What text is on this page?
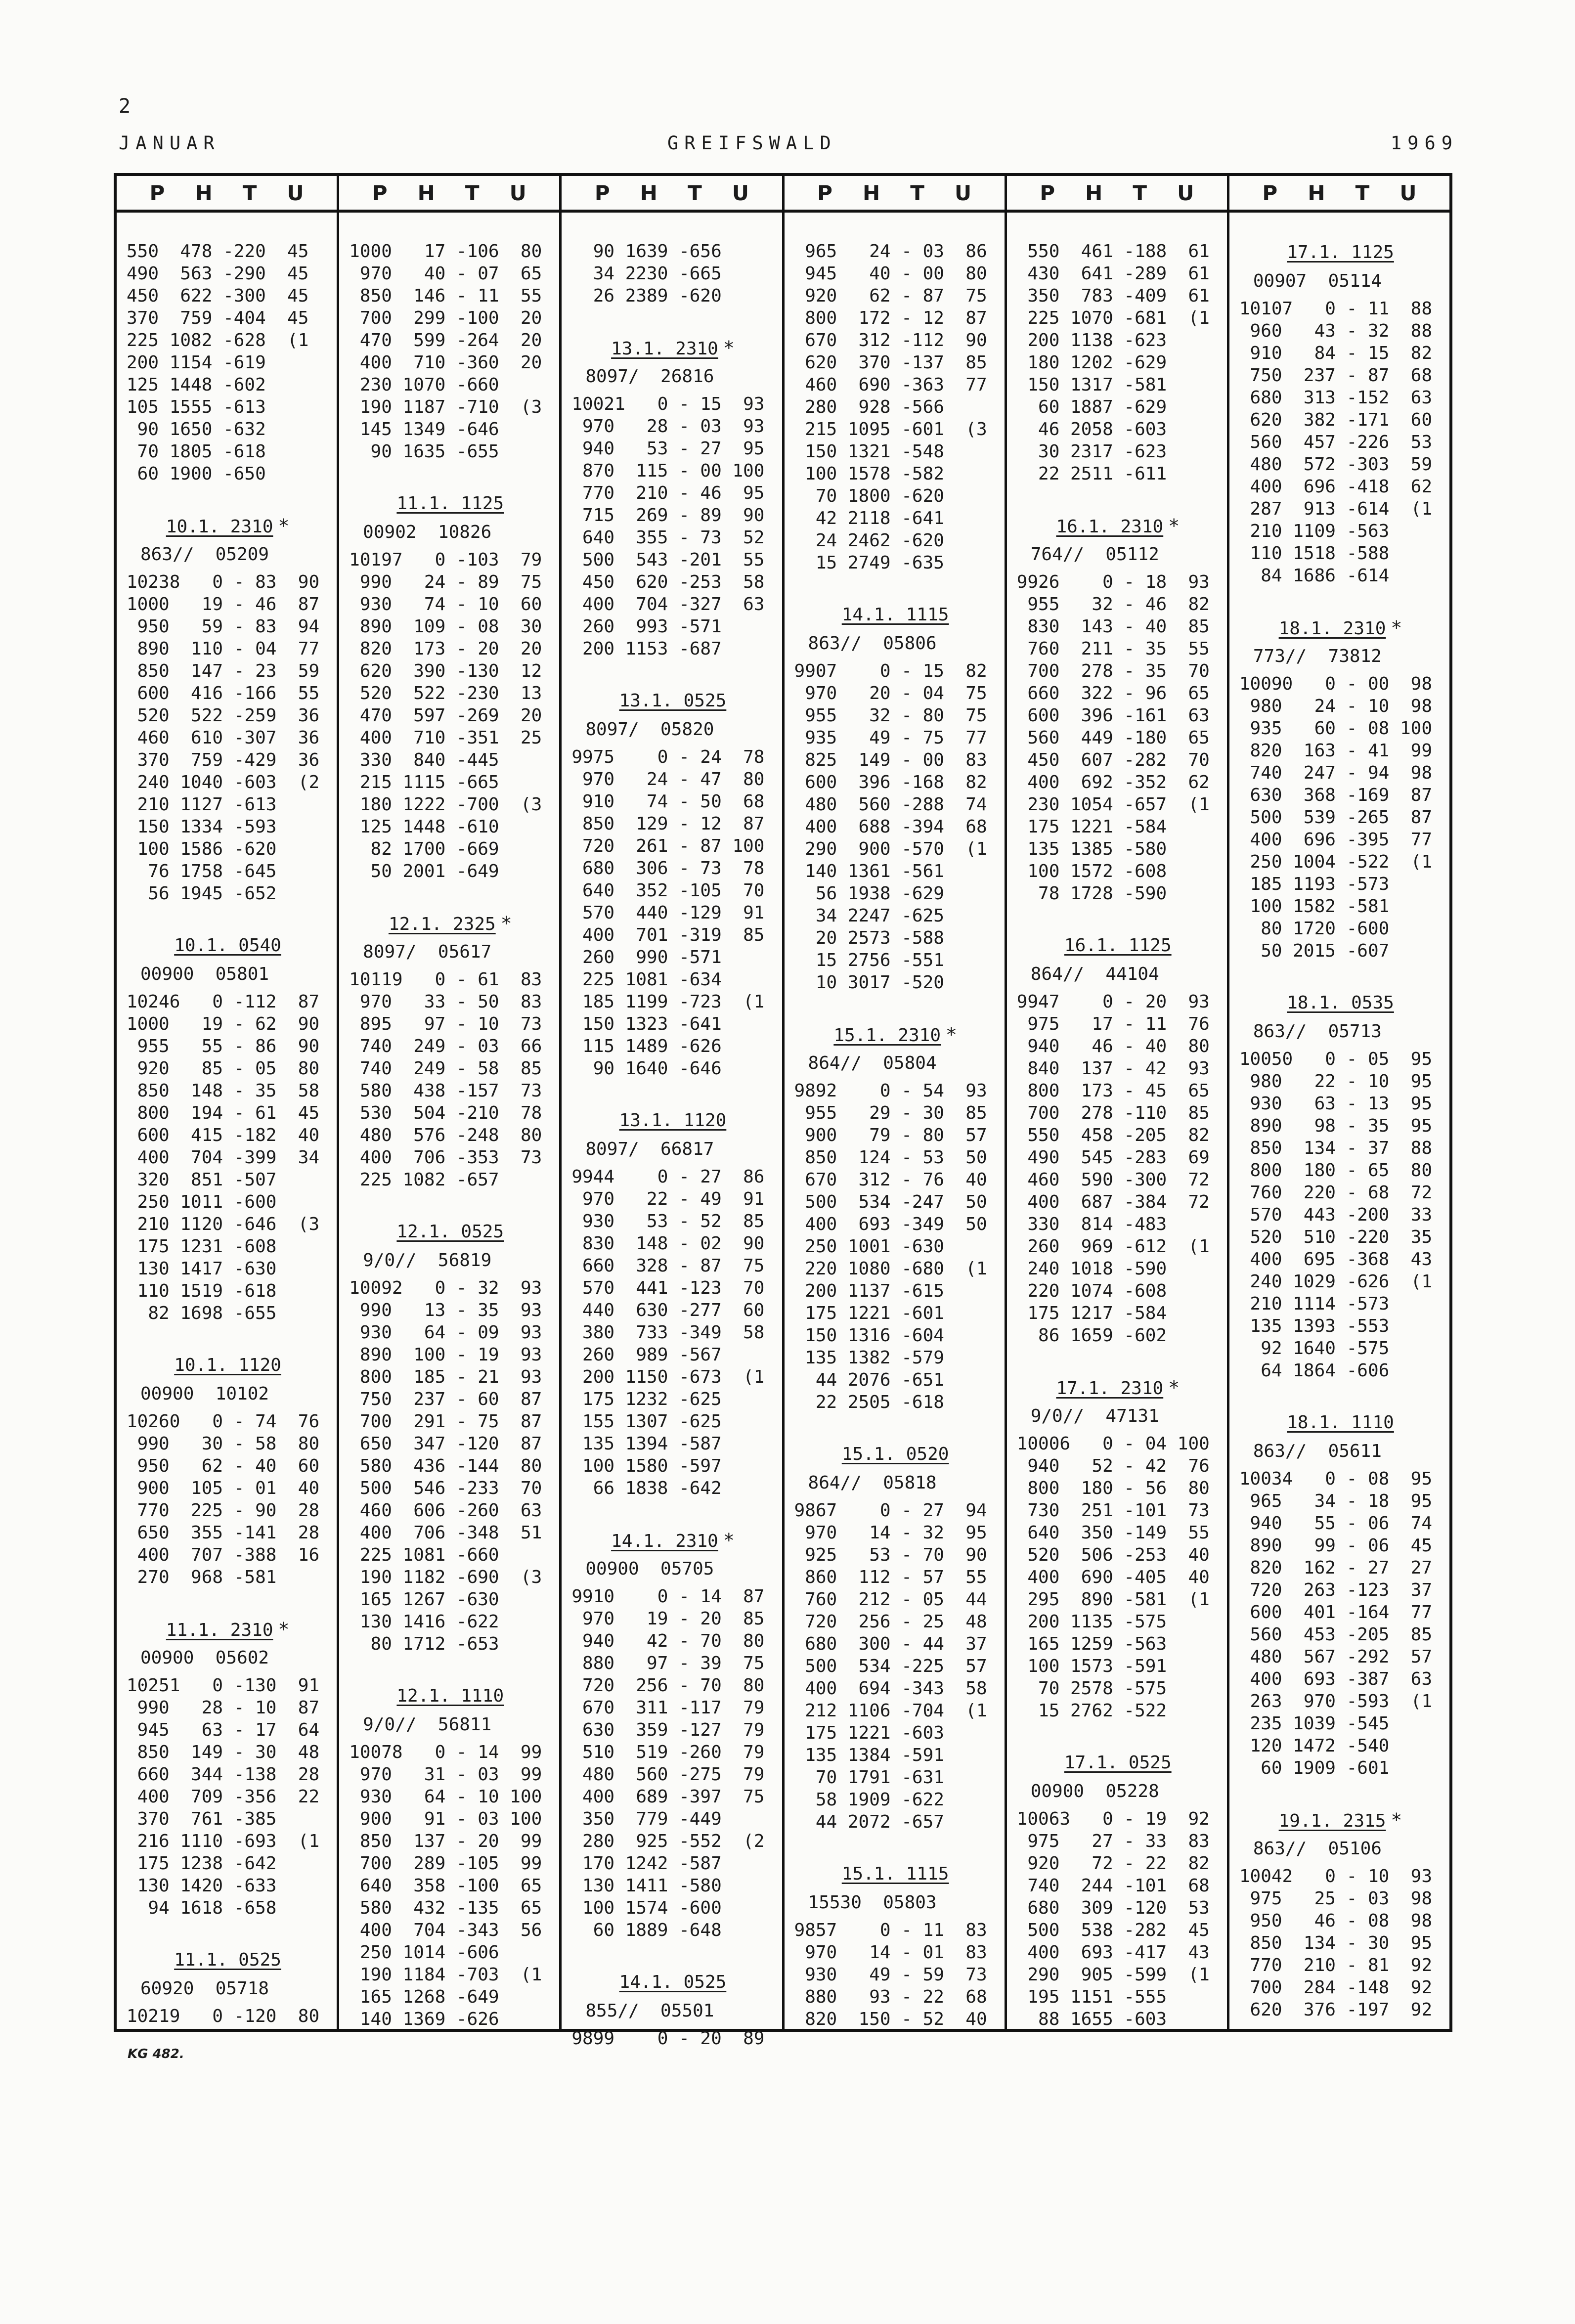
2
JANUAR	GREIFSWALD	1969
P H T U
550  478 -220  45
490  563 -290  45
450  622 -300  45
370  759 -404  45
225 1082 -628  (1
200 1154 -619
125 1448 -602
105 1555 -613
90 1650 -632
70 1805 -618
60 1900 -650
10.1. 2310 *
863//  05209
10238   0 - 83  90
1000   19 - 46  87
950   59 - 83  94
890  110 - 04  77
850  147 - 23  59
600  416 -166  55
520  522 -259  36
460  610 -307  36
370  759 -429  36
240 1040 -603  (2
210 1127 -613
150 1334 -593
100 1586 -620
76 1758 -645
56 1945 -652
10.1. 0540
00900  05801
10246   0 -112  87
1000   19 - 62  90
955   55 - 86  90
920   85 - 05  80
850  148 - 35  58
800  194 - 61  45
600  415 -182  40
400  704 -399  34
320  851 -507
250 1011 -600
210 1120 -646  (3
175 1231 -608
130 1417 -630
110 1519 -618
82 1698 -655
10.1. 1120
00900  10102
10260   0 - 74  76
990   30 - 58  80
950   62 - 40  60
900  105 - 01  40
770  225 - 90  28
650  355 -141  28
400  707 -388  16
270  968 -581
11.1. 2310 *
00900  05602
10251   0 -130  91
990   28 - 10  87
945   63 - 17  64
850  149 - 30  48
660  344 -138  28
400  709 -356  22
370  761 -385
216 1110 -693  (1
175 1238 -642
130 1420 -633
94 1618 -658
11.1. 0525
60920  05718
10219   0 -120  80
P H T U
1000   17 -106  80
970   40 - 07  65
850  146 - 11  55
700  299 -100  20
470  599 -264  20
400  710 -360  20
230 1070 -660
190 1187 -710  (3
145 1349 -646
90 1635 -655
11.1. 1125
00902  10826
10197   0 -103  79
990   24 - 89  75
930   74 - 10  60
890  109 - 08  30
820  173 - 20  20
620  390 -130  12
520  522 -230  13
470  597 -269  20
400  710 -351  25
330  840 -445
215 1115 -665
180 1222 -700  (3
125 1448 -610
82 1700 -669
50 2001 -649
12.1. 2325 *
8097/  05617
10119   0 - 61  83
970   33 - 50  83
895   97 - 10  73
740  249 - 03  66
740  249 - 58  85
580  438 -157  73
530  504 -210  78
480  576 -248  80
400  706 -353  73
225 1082 -657
12.1. 0525
9/0//  56819
10092   0 - 32  93
990   13 - 35  93
930   64 - 09  93
890  100 - 19  93
800  185 - 21  93
750  237 - 60  87
700  291 - 75  87
650  347 -120  87
580  436 -144  80
500  546 -233  70
460  606 -260  63
400  706 -348  51
225 1081 -660
190 1182 -690  (3
165 1267 -630
130 1416 -622
80 1712 -653
12.1. 1110
9/0//  56811
10078   0 - 14  99
970   31 - 03  99
930   64 - 10 100
900   91 - 03 100
850  137 - 20  99
700  289 -105  99
640  358 -100  65
580  432 -135  65
400  704 -343  56
250 1014 -606
190 1184 -703  (1
165 1268 -649
140 1369 -626
P H T U
90 1639 -656
34 2230 -665
26 2389 -620
13.1. 2310 *
8097/  26816
10021   0 - 15  93
970   28 - 03  93
940   53 - 27  95
870  115 - 00 100
770  210 - 46  95
715  269 - 89  90
640  355 - 73  52
500  543 -201  55
450  620 -253  58
400  704 -327  63
260  993 -571
200 1153 -687
13.1. 0525
8097/  05820
9975    0 - 24  78
970   24 - 47  80
910   74 - 50  68
850  129 - 12  87
720  261 - 87 100
680  306 - 73  78
640  352 -105  70
570  440 -129  91
400  701 -319  85
260  990 -571
225 1081 -634
185 1199 -723  (1
150 1323 -641
115 1489 -626
90 1640 -646
13.1. 1120
8097/  66817
9944    0 - 27  86
970   22 - 49  91
930   53 - 52  85
830  148 - 02  90
660  328 - 87  75
570  441 -123  70
440  630 -277  60
380  733 -349  58
260  989 -567
200 1150 -673  (1
175 1232 -625
155 1307 -625
135 1394 -587
100 1580 -597
66 1838 -642
14.1. 2310 *
00900  05705
9910    0 - 14  87
970   19 - 20  85
940   42 - 70  80
880   97 - 39  75
720  256 - 70  80
670  311 -117  79
630  359 -127  79
510  519 -260  79
480  560 -275  79
400  689 -397  75
350  779 -449
280  925 -552  (2
170 1242 -587
130 1411 -580
100 1574 -600
60 1889 -648
14.1. 0525
855//  05501
9899    0 - 20  89
P H T U
965   24 - 03  86
945   40 - 00  80
920   62 - 87  75
800  172 - 12  87
670  312 -112  90
620  370 -137  85
460  690 -363  77
280  928 -566
215 1095 -601  (3
150 1321 -548
100 1578 -582
70 1800 -620
42 2118 -641
24 2462 -620
15 2749 -635
14.1. 1115
863//  05806
9907    0 - 15  82
970   20 - 04  75
955   32 - 80  75
935   49 - 75  77
825  149 - 00  83
600  396 -168  82
480  560 -288  74
400  688 -394  68
290  900 -570  (1
140 1361 -561
56 1938 -629
34 2247 -625
20 2573 -588
15 2756 -551
10 3017 -520
15.1. 2310 *
864//  05804
9892    0 - 54  93
955   29 - 30  85
900   79 - 80  57
850  124 - 53  50
670  312 - 76  40
500  534 -247  50
400  693 -349  50
250 1001 -630
220 1080 -680  (1
200 1137 -615
175 1221 -601
150 1316 -604
135 1382 -579
44 2076 -651
22 2505 -618
15.1. 0520
864//  05818
9867    0 - 27  94
970   14 - 32  95
925   53 - 70  90
860  112 - 57  55
760  212 - 05  44
720  256 - 25  48
680  300 - 44  37
500  534 -225  57
400  694 -343  58
212 1106 -704  (1
175 1221 -603
135 1384 -591
70 1791 -631
58 1909 -622
44 2072 -657
15.1. 1115
15530  05803
9857    0 - 11  83
970   14 - 01  83
930   49 - 59  73
880   93 - 22  68
820  150 - 52  40
P H T U
550  461 -188  61
430  641 -289  61
350  783 -409  61
225 1070 -681  (1
200 1138 -623
180 1202 -629
150 1317 -581
60 1887 -629
46 2058 -603
30 2317 -623
22 2511 -611
16.1. 2310 *
764//  05112
9926    0 - 18  93
955   32 - 46  82
830  143 - 40  85
760  211 - 35  55
700  278 - 35  70
660  322 - 96  65
600  396 -161  63
560  449 -180  65
450  607 -282  70
400  692 -352  62
230 1054 -657  (1
175 1221 -584
135 1385 -580
100 1572 -608
78 1728 -590
16.1. 1125
864//  44104
9947    0 - 20  93
975   17 - 11  76
940   46 - 40  80
840  137 - 42  93
800  173 - 45  65
700  278 -110  85
550  458 -205  82
490  545 -283  69
460  590 -300  72
400  687 -384  72
330  814 -483
260  969 -612  (1
240 1018 -590
220 1074 -608
175 1217 -584
86 1659 -602
17.1. 2310 *
9/0//  47131
10006   0 - 04 100
940   52 - 42  76
800  180 - 56  80
730  251 -101  73
640  350 -149  55
520  506 -253  40
400  690 -405  40
295  890 -581  (1
200 1135 -575
165 1259 -563
100 1573 -591
70 2578 -575
15 2762 -522
17.1. 0525
00900  05228
10063   0 - 19  92
975   27 - 33  83
920   72 - 22  82
740  244 -101  68
680  309 -120  53
500  538 -282  45
400  693 -417  43
290  905 -599  (1
195 1151 -555
88 1655 -603
P H T U
17.1. 1125
00907  05114
10107   0 - 11  88
960   43 - 32  88
910   84 - 15  82
750  237 - 87  68
680  313 -152  63
620  382 -171  60
560  457 -226  53
480  572 -303  59
400  696 -418  62
287  913 -614  (1
210 1109 -563
110 1518 -588
84 1686 -614
18.1. 2310 *
773//  73812
10090   0 - 00  98
980   24 - 10  98
935   60 - 08 100
820  163 - 41  99
740  247 - 94  98
630  368 -169  87
500  539 -265  87
400  696 -395  77
250 1004 -522  (1
185 1193 -573
100 1582 -581
80 1720 -600
50 2015 -607
18.1. 0535
863//  05713
10050   0 - 05  95
980   22 - 10  95
930   63 - 13  95
890   98 - 35  95
850  134 - 37  88
800  180 - 65  80
760  220 - 68  72
570  443 -200  33
520  510 -220  35
400  695 -368  43
240 1029 -626  (1
210 1114 -573
135 1393 -553
92 1640 -575
64 1864 -606
18.1. 1110
863//  05611
10034   0 - 08  95
965   34 - 18  95
940   55 - 06  74
890   99 - 06  45
820  162 - 27  27
720  263 -123  37
600  401 -164  77
560  453 -205  85
480  567 -292  57
400  693 -387  63
263  970 -593  (1
235 1039 -545
120 1472 -540
60 1909 -601
19.1. 2315 *
863//  05106
10042   0 - 10  93
975   25 - 03  98
950   46 - 08  98
850  134 - 30  95
770  210 - 81  92
700  284 -148  92
620  376 -197  92
KG 482.
